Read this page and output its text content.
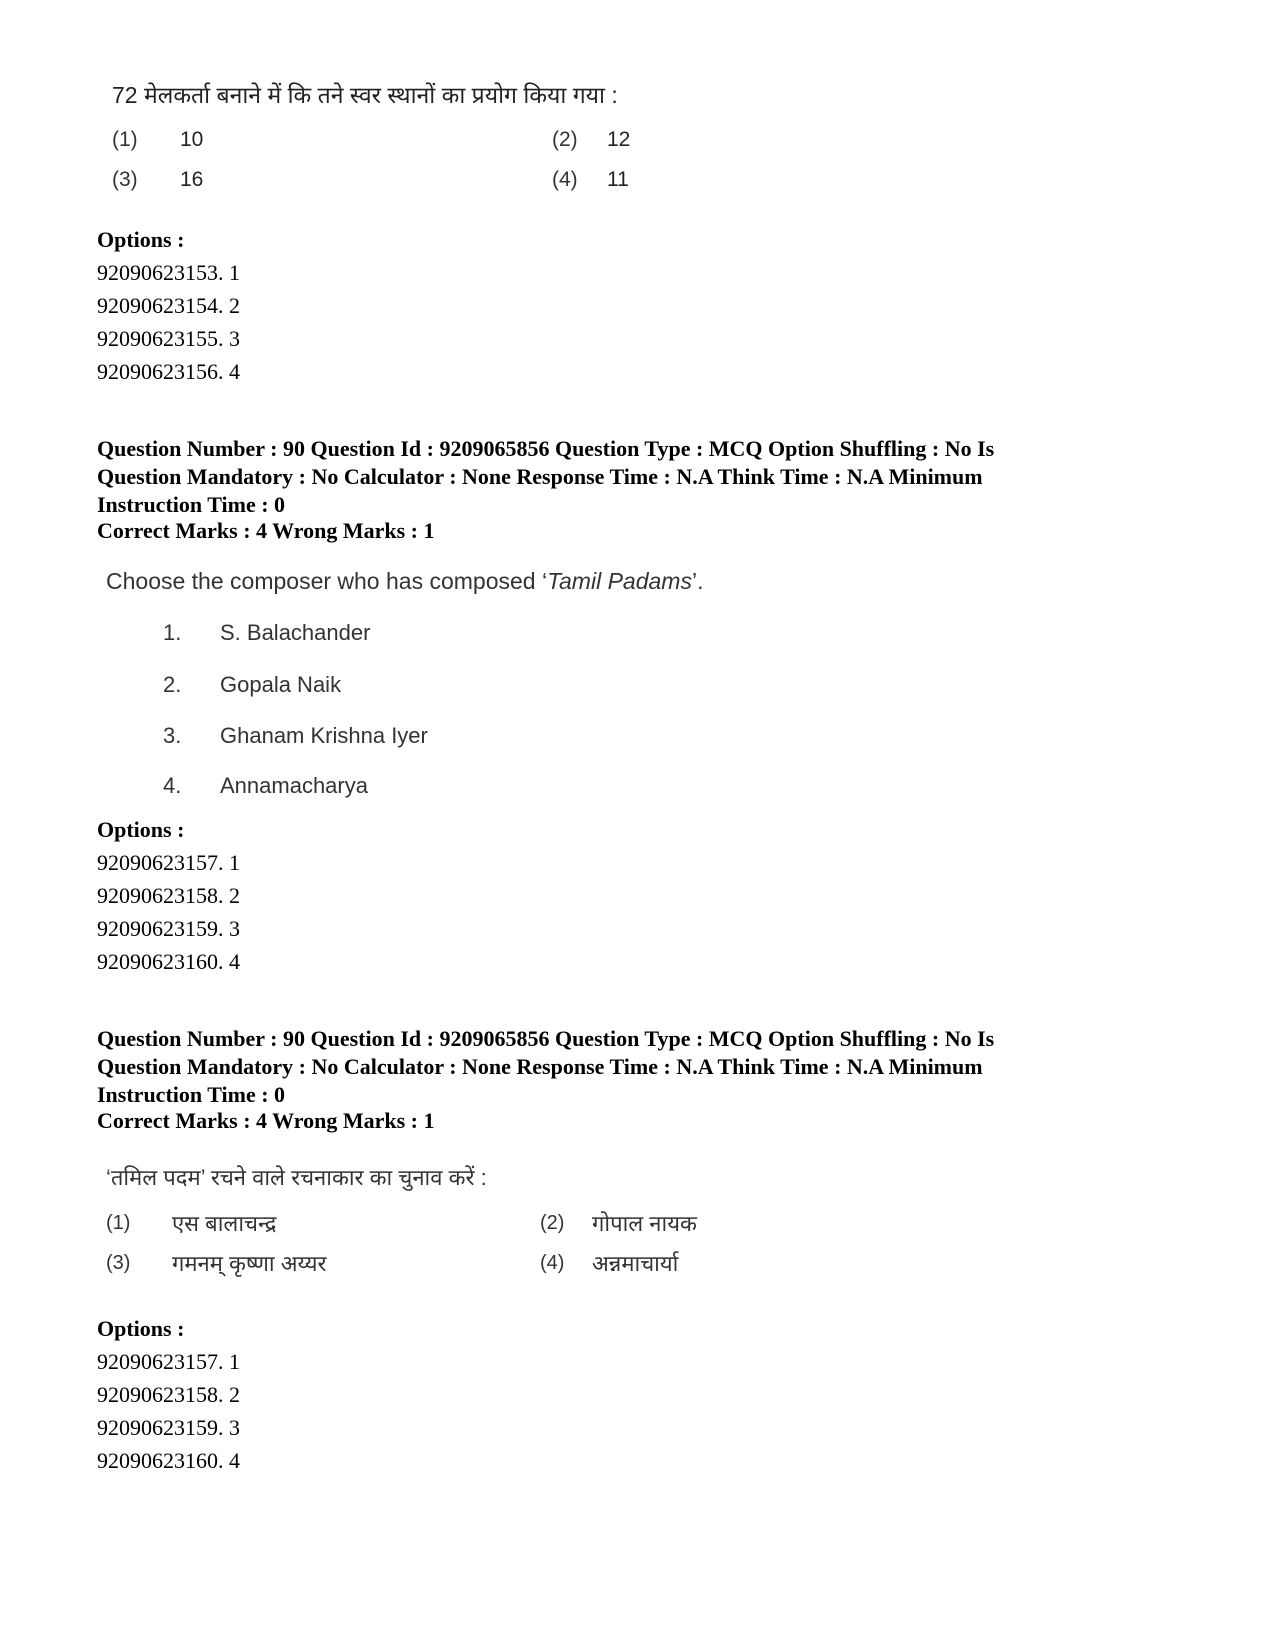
72 मेलकर्ता बनाने में कि तने स्वर स्थानों का प्रयोग किया गया :
(1) 10	(2) 12
(3) 16	(4) 11
Options :
92090623153. 1
92090623154. 2
92090623155. 3
92090623156. 4
Question Number : 90 Question Id : 9209065856 Question Type : MCQ Option Shuffling : No Is
Question Mandatory : No Calculator : None Response Time : N.A Think Time : N.A Minimum
Instruction Time : 0
Correct Marks : 4 Wrong Marks : 1
Choose the composer who has composed ‘Tamil Padams’.
1. S. Balachander
2. Gopala Naik
3. Ghanam Krishna Iyer
4. Annamacharya
Options :
92090623157. 1
92090623158. 2
92090623159. 3
92090623160. 4
Question Number : 90 Question Id : 9209065856 Question Type : MCQ Option Shuffling : No Is
Question Mandatory : No Calculator : None Response Time : N.A Think Time : N.A Minimum
Instruction Time : 0
Correct Marks : 4 Wrong Marks : 1
‘तमिल पदम’ रचने वाले रचनाकार का चुनाव करें :
(1) एस बालाचन्द्र	(2) गोपाल नायक
(3) गमनम् कृष्णा अय्यर	(4) अन्नमाचार्या
Options :
92090623157. 1
92090623158. 2
92090623159. 3
92090623160. 4
